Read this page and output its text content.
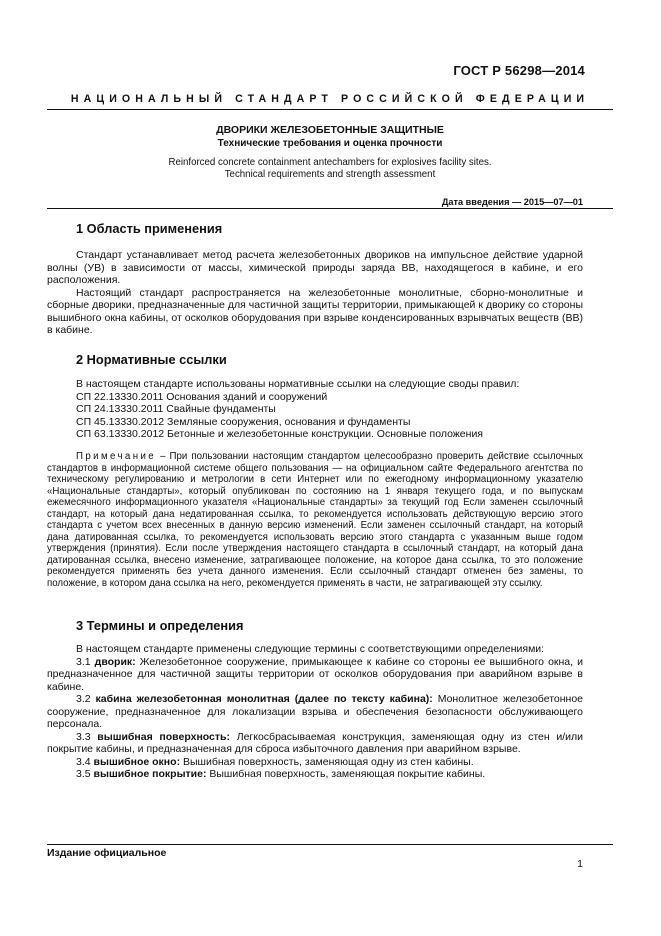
ГОСТ Р 56298—2014
НАЦИОНАЛЬНЫЙ СТАНДАРТ РОССИЙСКОЙ ФЕДЕРАЦИИ
ДВОРИКИ ЖЕЛЕЗОБЕТОННЫЕ ЗАЩИТНЫЕ
Технические требования и оценка прочности
Reinforced concrete containment antechambers for explosives facility sites.
Technical requirements and strength assessment
Дата введения — 2015—07—01
1 Область применения

Стандарт устанавливает метод расчета железобетонных двориков на импульсное действие ударной волны (УВ) в зависимости от массы, химической природы заряда ВВ, находящегося в кабине, и его расположения.

Настоящий стандарт распространяется на железобетонные монолитные, сборно-монолитные и сборные дворики, предназначенные для частичной защиты территории, примыкающей к дворику со стороны вышибного окна кабины, от осколков оборудования при взрыве конденсированных взрывчатых веществ (ВВ) в кабине.

2 Нормативные ссылки

В настоящем стандарте использованы нормативные ссылки на следующие своды правил:

СП 22.13330.2011 Основания зданий и сооружений

СП 24.13330.2011 Свайные фундаменты

СП 45.13330.2012 Земляные сооружения, основания и фундаменты

СП 63.13330.2012 Бетонные и железобетонные конструкции. Основные положения

Примечание – При пользовании настоящим стандартом целесообразно проверить действие ссылочных стандартов в информационной системе общего пользования — на официальном сайте Федерального агентства по техническому регулированию и метрологии в сети Интернет или по ежегодному информационному указателю «Национальные стандарты», который опубликован по состоянию на 1 января текущего года, и по выпускам ежемесячного информационного указателя «Национальные стандарты» за текущий год Если заменен ссылочный стандарт, на который дана недатированная ссылка, то рекомендуется использовать действующую версию этого стандарта с учетом всех внесенных в данную версию изменений. Если заменен ссылочный стандарт, на который дана датированная ссылка, то рекомендуется использовать версию этого стандарта с указанным выше годом утверждения (принятия). Если после утверждения настоящего стандарта в ссылочный стандарт, на который дана датированная ссылка, внесено изменение, затрагивающее положение, на которое дана ссылка, то это положение рекомендуется применять без учета данного изменения. Если ссылочный стандарт отменен без замены, то положение, в котором дана ссылка на него, рекомендуется применять в части, не затрагивающей эту ссылку.

3 Термины и определения

В настоящем стандарте применены следующие термины с соответствующими определениями:

3.1 дворик: Железобетонное сооружение, примыкающее к кабине со стороны ее вышибного окна, и предназначенное для частичной защиты территории от осколков оборудования при аварийном взрыве в кабине.

3.2 кабина железобетонная монолитная (далее по тексту кабина): Монолитное железобетонное сооружение, предназначенное для локализации взрыва и обеспечения безопасности обслуживающего персонала.

3.3 вышибная поверхность: Легкосбрасываемая конструкция, заменяющая одну из стен и/или покрытие кабины, и предназначенная для сброса избыточного давления при аварийном взрыве.

3.4 вышибное окно: Вышибная поверхность, заменяющая одну из стен кабины.

3.5 вышибное покрытие: Вышибная поверхность, заменяющая покрытие кабины.

Издание официальное
1
